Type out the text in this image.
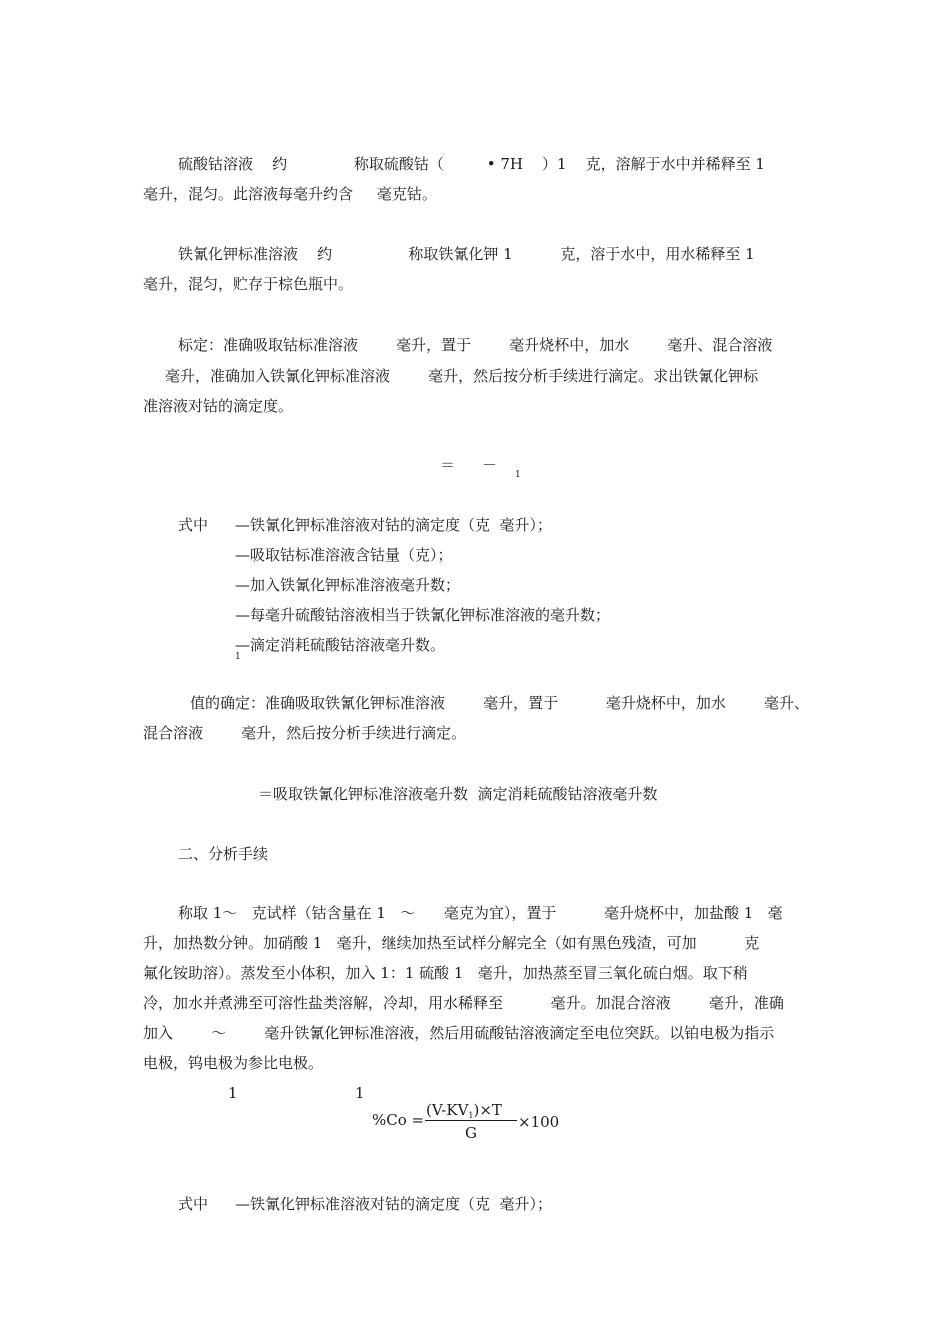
硫酸钴溶液    约              称取硫酸钴（         • 7H    ）1    克，溶解于水中并稀释至 1
毫升，混匀。此溶液每毫升约含     毫克钴。
铁氰化钾标准溶液    约                称取铁氰化钾 1          克，溶于水中，用水稀释至 1
毫升，混匀，贮存于棕色瓶中。
标定：准确吸取钴标准溶液        毫升，置于        毫升烧杯中，加水        毫升、混合溶液
毫升，准确加入铁氰化钾标准溶液        毫升，然后按分析手续进行滴定。求出铁氰化钾标
准溶液对钴的滴定度。
＝ －
1
式中 —铁氰化钾标准溶液对钴的滴定度（克  毫升）；
—吸取钴标准溶液含钴量（克）；
—加入铁氰化钾标准溶液毫升数；
—每毫升硫酸钴溶液相当于铁氰化钾标准溶液的毫升数；
—滴定消耗硫酸钴溶液毫升数。
1
值的确定：准确吸取铁氰化钾标准溶液        毫升，置于          毫升烧杯中，加水        毫升、
混合溶液        毫升，然后按分析手续进行滴定。
＝吸取铁氰化钾标准溶液毫升数  滴定消耗硫酸钴溶液毫升数
二、分析手续
称取 1～   克试样（钴含量在 1   ～      毫克为宜），置于          毫升烧杯中，加盐酸 1   毫
升，加热数分钟。加硝酸 1   毫升，继续加热至试样分解完全（如有黑色残渣，可加          克
氟化铵助溶）。蒸发至小体积，加入 1：1 硫酸 1   毫升，加热蒸至冒三氧化硫白烟。取下稍
冷，加水并煮沸至可溶性盐类溶解，冷却，用水稀释至          毫升。加混合溶液        毫升，准确
加入        ～        毫升铁氰化钾标准溶液，然后用硫酸钴溶液滴定至电位突跃。以铂电极为指示
电极，钨电极为参比电极。
1	1
%Co =
$(V-KV_1)\times T$
G
×100
式中 —铁氰化钾标准溶液对钴的滴定度（克  毫升）；
